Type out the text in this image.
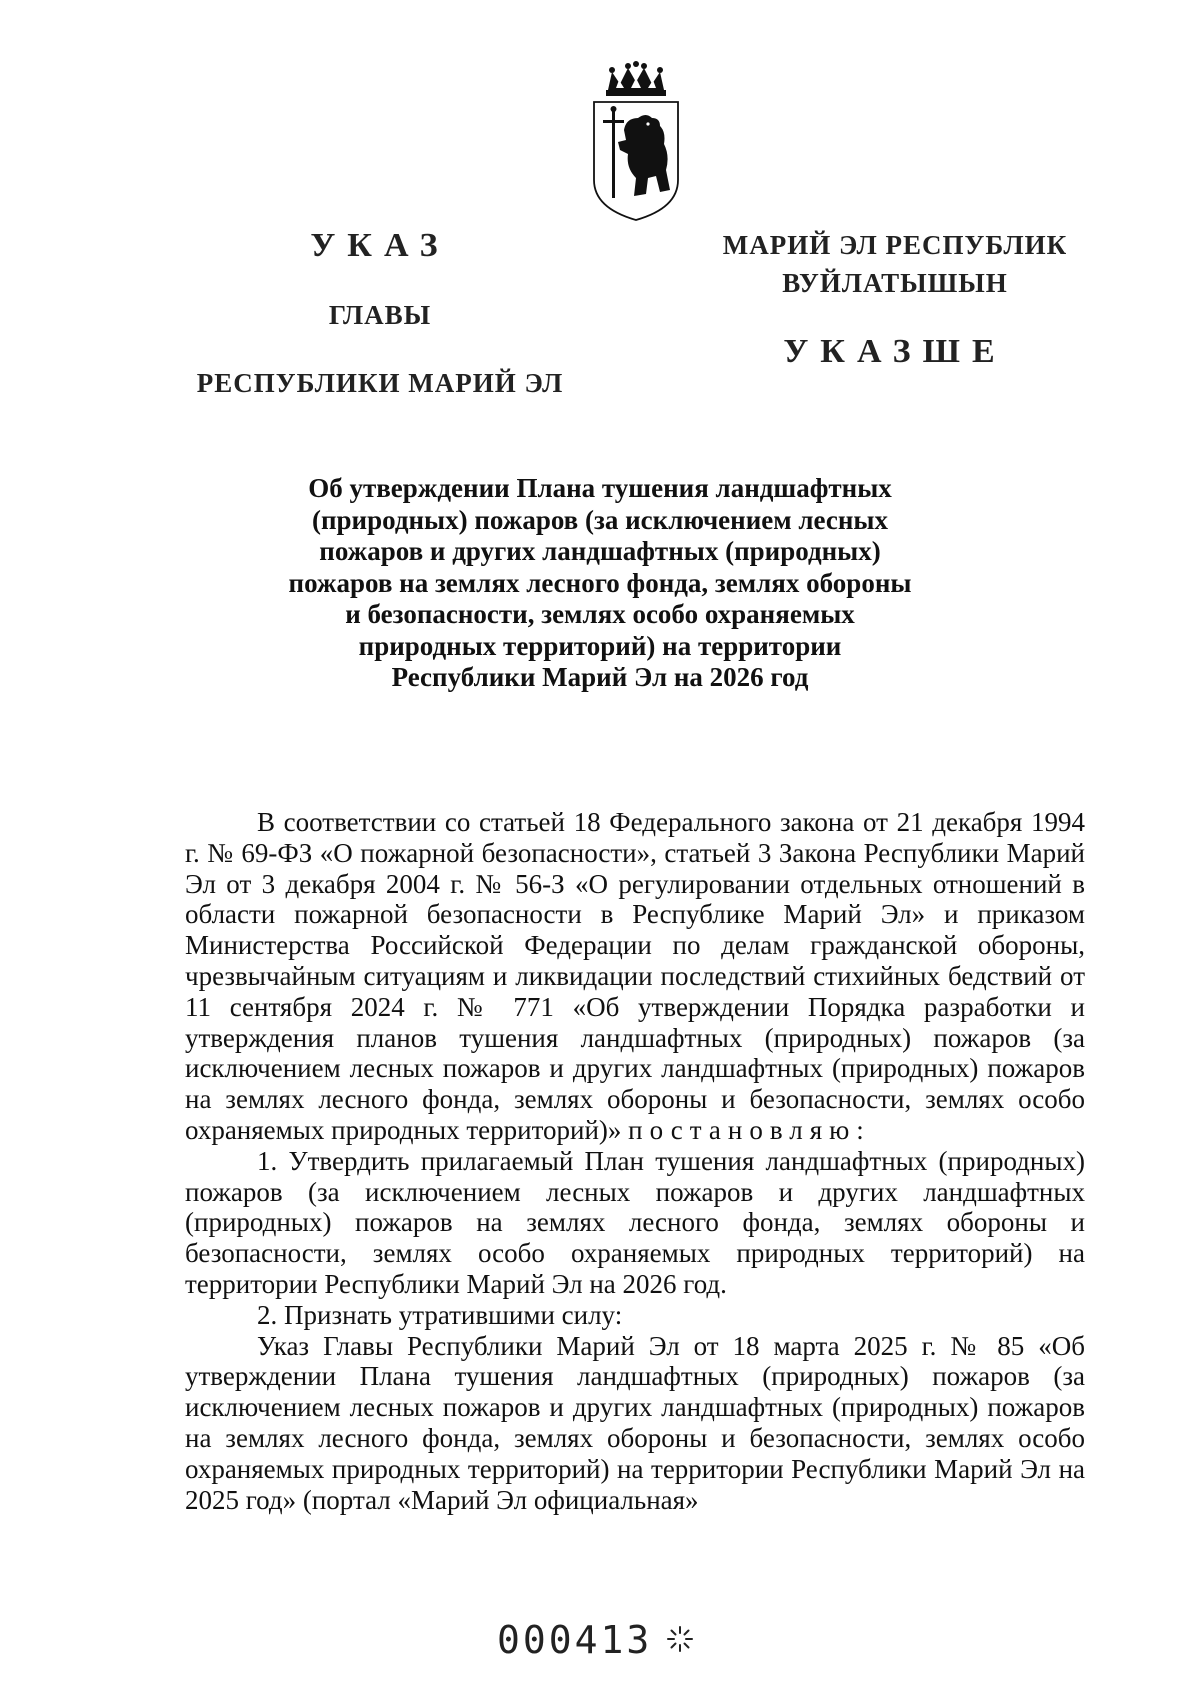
УКАЗ
ГЛАВЫ
РЕСПУБЛИКИ МАРИЙ ЭЛ
МАРИЙ ЭЛ РЕСПУБЛИК
ВУЙЛАТЫШЫН
УКАЗШЕ
Об утверждении Плана тушения ландшафтных
(природных) пожаров (за исключением лесных
пожаров и других ландшафтных (природных)
пожаров на землях лесного фонда, землях обороны
и безопасности, землях особо охраняемых
природных территорий) на территории
Республики Марий Эл на 2026 год

В соответствии со статьей 18 Федерального закона от 21 декабря 1994 г. № 69-ФЗ «О пожарной безопасности», статьей 3 Закона Республики Марий Эл от 3 декабря 2004 г. № 56-З «О регулировании отдельных отношений в области пожарной безопасности в Республике Марий Эл» и приказом Министерства Российской Федерации по делам гражданской обороны, чрезвычайным ситуациям и ликвидации последствий стихийных бедствий от 11 сентября 2024 г. № 771 «Об утверждении Порядка разработки и утверждения планов тушения ландшафтных (природных) пожаров (за исключением лесных пожаров и других ландшафтных (природных) пожаров на землях лесного фонда, землях обороны и безопасности, землях особо охраняемых природных территорий)» постановляю:

1. Утвердить прилагаемый План тушения ландшафтных (природных) пожаров (за исключением лесных пожаров и других ландшафтных (природных) пожаров на землях лесного фонда, землях обороны и безопасности, землях особо охраняемых природных территорий) на территории Республики Марий Эл на 2026 год.

2. Признать утратившими силу:

Указ Главы Республики Марий Эл от 18 марта 2025 г. № 85 «Об утверждении Плана тушения ландшафтных (природных) пожаров (за исключением лесных пожаров и других ландшафтных (природных) пожаров на землях лесного фонда, землях обороны и безопасности, землях особо охраняемых природных территорий) на территории Республики Марий Эл на 2025 год» (портал «Марий Эл официальная»

000413
